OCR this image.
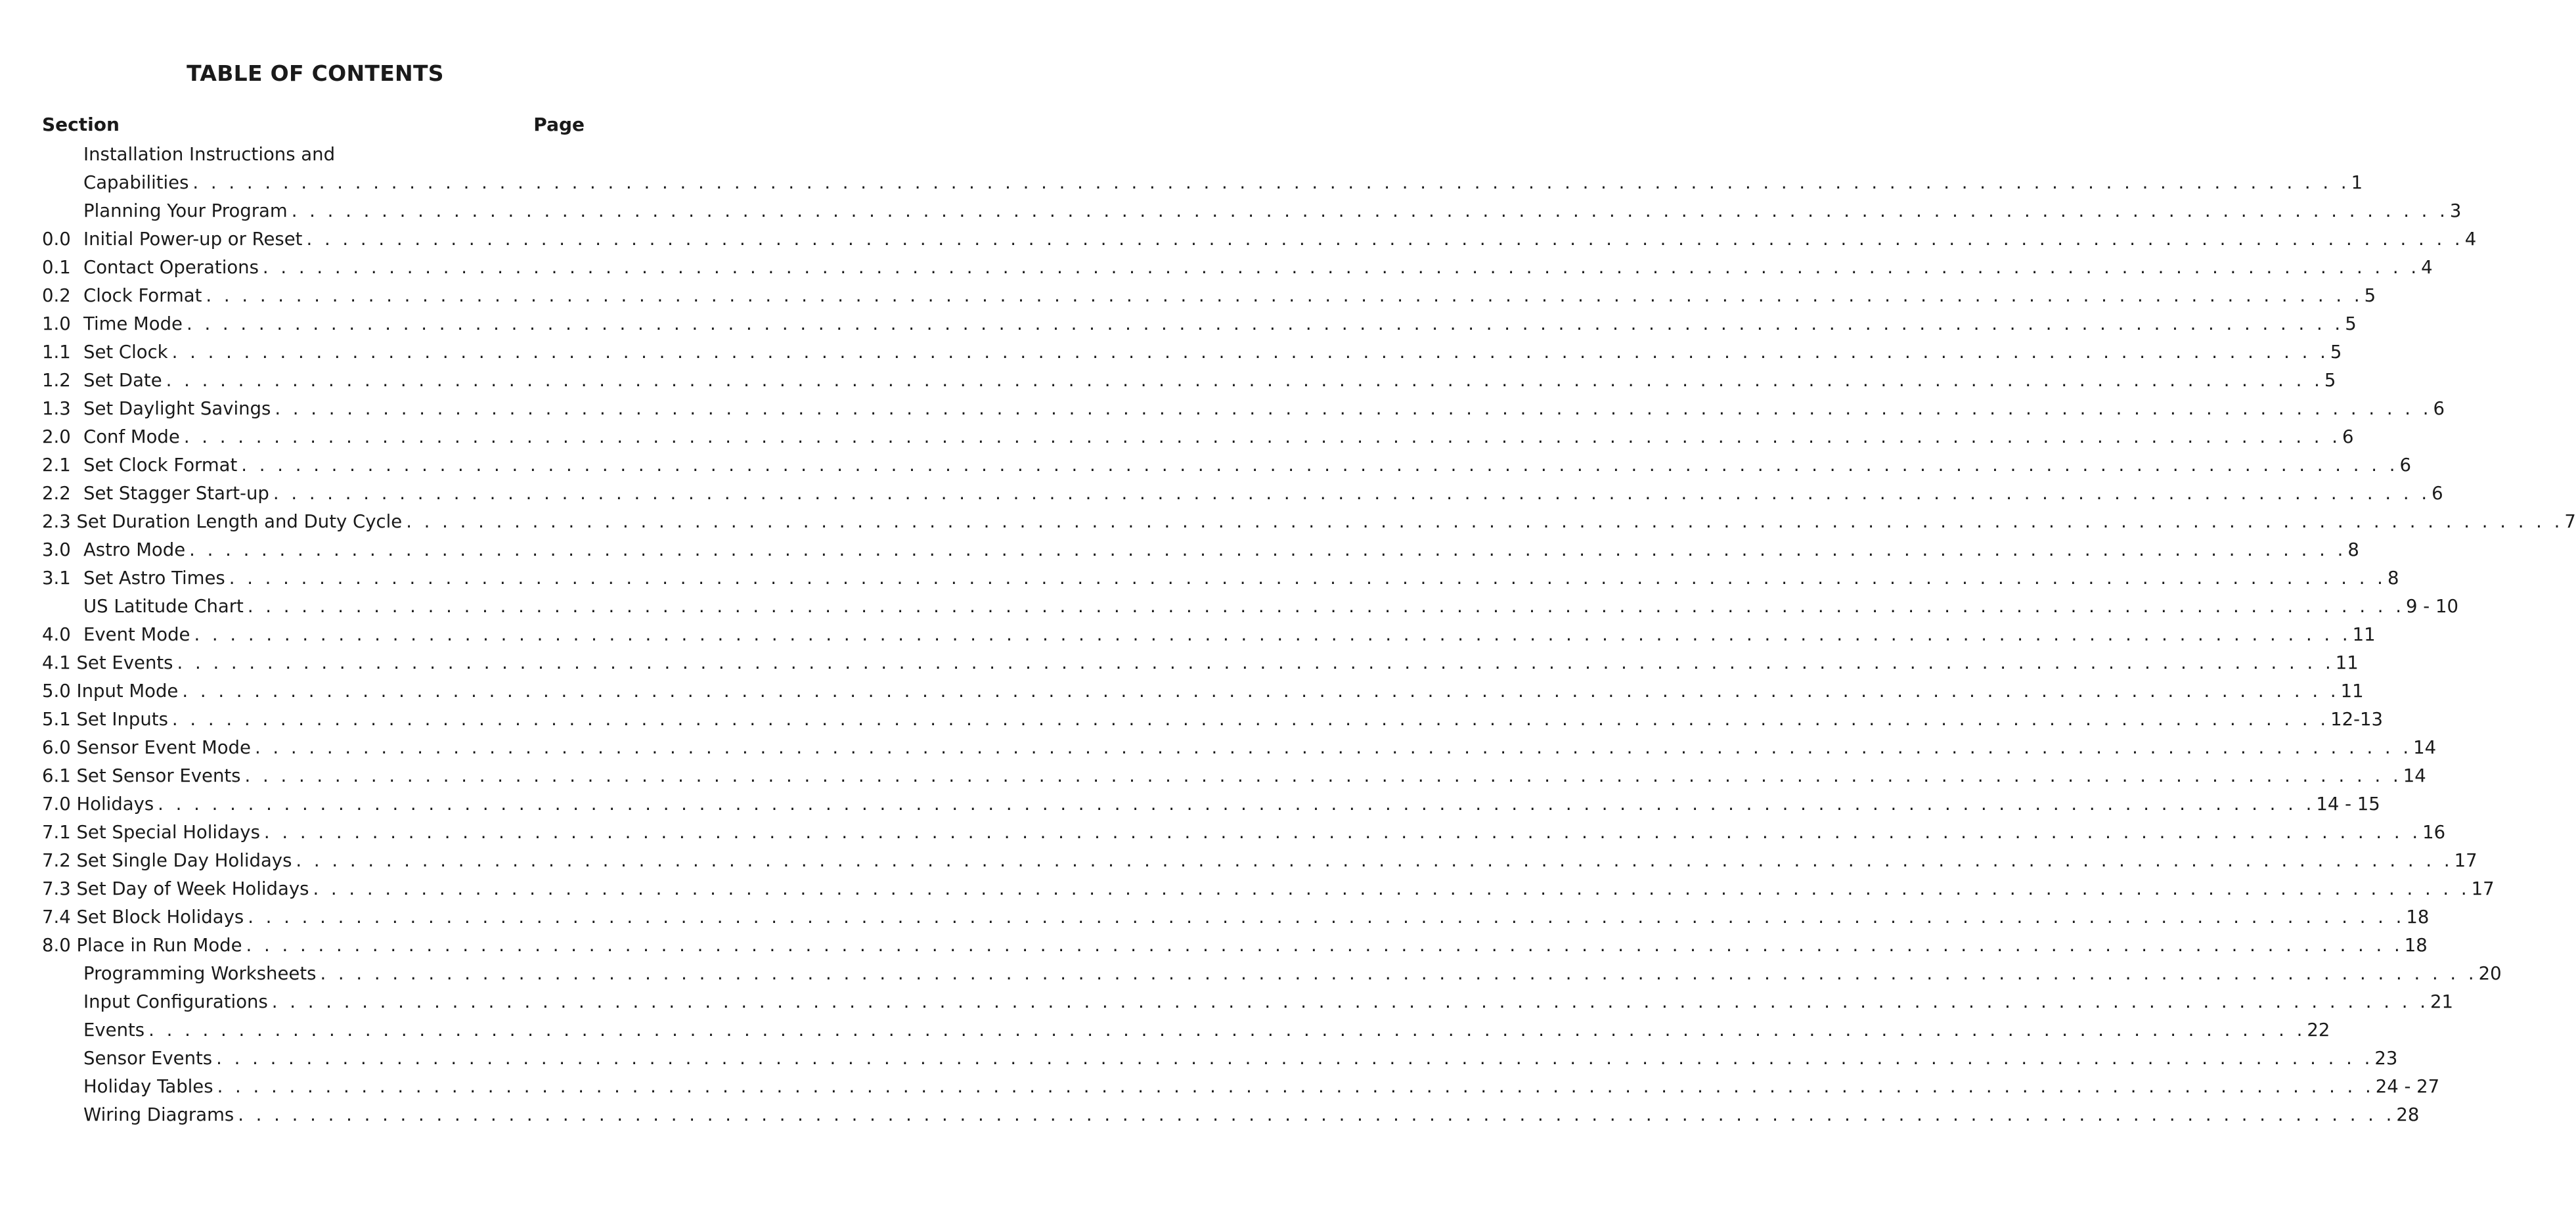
TABLE OF CONTENTS
Section	Page
Installation Instructions and
Capabilities . . . . . . . . . . . . . . . . . . . . . . . . . . . . . . . . . . . . . . . . . . . . . . . . . . . . . . . . . . . . . . . . . . . . . . . . . . . . . . . . . . . . . . . . . . . . . . . . . . . . . . . . . . . . . . . . . . . . . . . . 1
Planning Your Program . . . . . . . . . . . . . . . . . . . . . . . . . . . . . . . . . . . . . . . . . . . . . . . . . . . . . . . . . . . . . . . . . . . . . . . . . . . . . . . . . . . . . . . . . . . . . . . . . . . . . . . . . . . . . . . . . . . . . . . . 3
0.0 Initial Power-up or Reset . . . . . . . . . . . . . . . . . . . . . . . . . . . . . . . . . . . . . . . . . . . . . . . . . . . . . . . . . . . . . . . . . . . . . . . . . . . . . . . . . . . . . . . . . . . . . . . . . . . . . . . . . . . . . . . . . . . . . . . . 4
0.1 Contact Operations . . . . . . . . . . . . . . . . . . . . . . . . . . . . . . . . . . . . . . . . . . . . . . . . . . . . . . . . . . . . . . . . . . . . . . . . . . . . . . . . . . . . . . . . . . . . . . . . . . . . . . . . . . . . . . . . . . . . . . . . 4
0.2 Clock Format . . . . . . . . . . . . . . . . . . . . . . . . . . . . . . . . . . . . . . . . . . . . . . . . . . . . . . . . . . . . . . . . . . . . . . . . . . . . . . . . . . . . . . . . . . . . . . . . . . . . . . . . . . . . . . . . . . . . . . . . 5
1.0 Time Mode . . . . . . . . . . . . . . . . . . . . . . . . . . . . . . . . . . . . . . . . . . . . . . . . . . . . . . . . . . . . . . . . . . . . . . . . . . . . . . . . . . . . . . . . . . . . . . . . . . . . . . . . . . . . . . . . . . . . . . . . 5
1.1 Set Clock . . . . . . . . . . . . . . . . . . . . . . . . . . . . . . . . . . . . . . . . . . . . . . . . . . . . . . . . . . . . . . . . . . . . . . . . . . . . . . . . . . . . . . . . . . . . . . . . . . . . . . . . . . . . . . . . . . . . . . . . 5
1.2 Set Date . . . . . . . . . . . . . . . . . . . . . . . . . . . . . . . . . . . . . . . . . . . . . . . . . . . . . . . . . . . . . . . . . . . . . . . . . . . . . . . . . . . . . . . . . . . . . . . . . . . . . . . . . . . . . . . . . . . . . . . . 5
1.3 Set Daylight Savings . . . . . . . . . . . . . . . . . . . . . . . . . . . . . . . . . . . . . . . . . . . . . . . . . . . . . . . . . . . . . . . . . . . . . . . . . . . . . . . . . . . . . . . . . . . . . . . . . . . . . . . . . . . . . . . . . . . . . . . . 6
2.0 Conf Mode . . . . . . . . . . . . . . . . . . . . . . . . . . . . . . . . . . . . . . . . . . . . . . . . . . . . . . . . . . . . . . . . . . . . . . . . . . . . . . . . . . . . . . . . . . . . . . . . . . . . . . . . . . . . . . . . . . . . . . . . 6
2.1 Set Clock Format . . . . . . . . . . . . . . . . . . . . . . . . . . . . . . . . . . . . . . . . . . . . . . . . . . . . . . . . . . . . . . . . . . . . . . . . . . . . . . . . . . . . . . . . . . . . . . . . . . . . . . . . . . . . . . . . . . . . . . . . 6
2.2 Set Stagger Start-up . . . . . . . . . . . . . . . . . . . . . . . . . . . . . . . . . . . . . . . . . . . . . . . . . . . . . . . . . . . . . . . . . . . . . . . . . . . . . . . . . . . . . . . . . . . . . . . . . . . . . . . . . . . . . . . . . . . . . . . . 6
2.3 Set Duration Length and Duty Cycle . . . . . . . . . . . . . . . . . . . . . . . . . . . . . . . . . . . . . . . . . . . . . . . . . . . . . . . . . . . . . . . . . . . . . . . . . . . . . . . . . . . . . . . . . . . . . . . . . . . . . . . . . . . . . . . . . . . . . . . . 7
3.0 Astro Mode . . . . . . . . . . . . . . . . . . . . . . . . . . . . . . . . . . . . . . . . . . . . . . . . . . . . . . . . . . . . . . . . . . . . . . . . . . . . . . . . . . . . . . . . . . . . . . . . . . . . . . . . . . . . . . . . . . . . . . . . 8
3.1 Set Astro Times . . . . . . . . . . . . . . . . . . . . . . . . . . . . . . . . . . . . . . . . . . . . . . . . . . . . . . . . . . . . . . . . . . . . . . . . . . . . . . . . . . . . . . . . . . . . . . . . . . . . . . . . . . . . . . . . . . . . . . . . 8
US Latitude Chart . . . . . . . . . . . . . . . . . . . . . . . . . . . . . . . . . . . . . . . . . . . . . . . . . . . . . . . . . . . . . . . . . . . . . . . . . . . . . . . . . . . . . . . . . . . . . . . . . . . . . . . . . . . . . . . . . . . . . . . . 9 - 10
4.0 Event Mode . . . . . . . . . . . . . . . . . . . . . . . . . . . . . . . . . . . . . . . . . . . . . . . . . . . . . . . . . . . . . . . . . . . . . . . . . . . . . . . . . . . . . . . . . . . . . . . . . . . . . . . . . . . . . . . . . . . . . . . . 11
4.1 Set Events . . . . . . . . . . . . . . . . . . . . . . . . . . . . . . . . . . . . . . . . . . . . . . . . . . . . . . . . . . . . . . . . . . . . . . . . . . . . . . . . . . . . . . . . . . . . . . . . . . . . . . . . . . . . . . . . . . . . . . . . 11
5.0 Input Mode . . . . . . . . . . . . . . . . . . . . . . . . . . . . . . . . . . . . . . . . . . . . . . . . . . . . . . . . . . . . . . . . . . . . . . . . . . . . . . . . . . . . . . . . . . . . . . . . . . . . . . . . . . . . . . . . . . . . . . . . 11
5.1 Set Inputs . . . . . . . . . . . . . . . . . . . . . . . . . . . . . . . . . . . . . . . . . . . . . . . . . . . . . . . . . . . . . . . . . . . . . . . . . . . . . . . . . . . . . . . . . . . . . . . . . . . . . . . . . . . . . . . . . . . . . . . . 12-13
6.0 Sensor Event Mode . . . . . . . . . . . . . . . . . . . . . . . . . . . . . . . . . . . . . . . . . . . . . . . . . . . . . . . . . . . . . . . . . . . . . . . . . . . . . . . . . . . . . . . . . . . . . . . . . . . . . . . . . . . . . . . . . . . . . . . . 14
6.1 Set Sensor Events . . . . . . . . . . . . . . . . . . . . . . . . . . . . . . . . . . . . . . . . . . . . . . . . . . . . . . . . . . . . . . . . . . . . . . . . . . . . . . . . . . . . . . . . . . . . . . . . . . . . . . . . . . . . . . . . . . . . . . . . 14
7.0 Holidays . . . . . . . . . . . . . . . . . . . . . . . . . . . . . . . . . . . . . . . . . . . . . . . . . . . . . . . . . . . . . . . . . . . . . . . . . . . . . . . . . . . . . . . . . . . . . . . . . . . . . . . . . . . . . . . . . . . . . . . . 14 - 15
7.1 Set Special Holidays . . . . . . . . . . . . . . . . . . . . . . . . . . . . . . . . . . . . . . . . . . . . . . . . . . . . . . . . . . . . . . . . . . . . . . . . . . . . . . . . . . . . . . . . . . . . . . . . . . . . . . . . . . . . . . . . . . . . . . . . 16
7.2 Set Single Day Holidays . . . . . . . . . . . . . . . . . . . . . . . . . . . . . . . . . . . . . . . . . . . . . . . . . . . . . . . . . . . . . . . . . . . . . . . . . . . . . . . . . . . . . . . . . . . . . . . . . . . . . . . . . . . . . . . . . . . . . . . . 17
7.3 Set Day of Week Holidays . . . . . . . . . . . . . . . . . . . . . . . . . . . . . . . . . . . . . . . . . . . . . . . . . . . . . . . . . . . . . . . . . . . . . . . . . . . . . . . . . . . . . . . . . . . . . . . . . . . . . . . . . . . . . . . . . . . . . . . . 17
7.4 Set Block Holidays . . . . . . . . . . . . . . . . . . . . . . . . . . . . . . . . . . . . . . . . . . . . . . . . . . . . . . . . . . . . . . . . . . . . . . . . . . . . . . . . . . . . . . . . . . . . . . . . . . . . . . . . . . . . . . . . . . . . . . . . 18
8.0 Place in Run Mode . . . . . . . . . . . . . . . . . . . . . . . . . . . . . . . . . . . . . . . . . . . . . . . . . . . . . . . . . . . . . . . . . . . . . . . . . . . . . . . . . . . . . . . . . . . . . . . . . . . . . . . . . . . . . . . . . . . . . . . . 18
Programming Worksheets . . . . . . . . . . . . . . . . . . . . . . . . . . . . . . . . . . . . . . . . . . . . . . . . . . . . . . . . . . . . . . . . . . . . . . . . . . . . . . . . . . . . . . . . . . . . . . . . . . . . . . . . . . . . . . . . . . . . . . . . 20
Input Configurations . . . . . . . . . . . . . . . . . . . . . . . . . . . . . . . . . . . . . . . . . . . . . . . . . . . . . . . . . . . . . . . . . . . . . . . . . . . . . . . . . . . . . . . . . . . . . . . . . . . . . . . . . . . . . . . . . . . . . . . . 21
Events . . . . . . . . . . . . . . . . . . . . . . . . . . . . . . . . . . . . . . . . . . . . . . . . . . . . . . . . . . . . . . . . . . . . . . . . . . . . . . . . . . . . . . . . . . . . . . . . . . . . . . . . . . . . . . . . . . . . . . . . 22
Sensor Events . . . . . . . . . . . . . . . . . . . . . . . . . . . . . . . . . . . . . . . . . . . . . . . . . . . . . . . . . . . . . . . . . . . . . . . . . . . . . . . . . . . . . . . . . . . . . . . . . . . . . . . . . . . . . . . . . . . . . . . . 23
Holiday Tables . . . . . . . . . . . . . . . . . . . . . . . . . . . . . . . . . . . . . . . . . . . . . . . . . . . . . . . . . . . . . . . . . . . . . . . . . . . . . . . . . . . . . . . . . . . . . . . . . . . . . . . . . . . . . . . . . . . . . . . . 24 - 27
Wiring Diagrams . . . . . . . . . . . . . . . . . . . . . . . . . . . . . . . . . . . . . . . . . . . . . . . . . . . . . . . . . . . . . . . . . . . . . . . . . . . . . . . . . . . . . . . . . . . . . . . . . . . . . . . . . . . . . . . . . . . . . . . . 28
